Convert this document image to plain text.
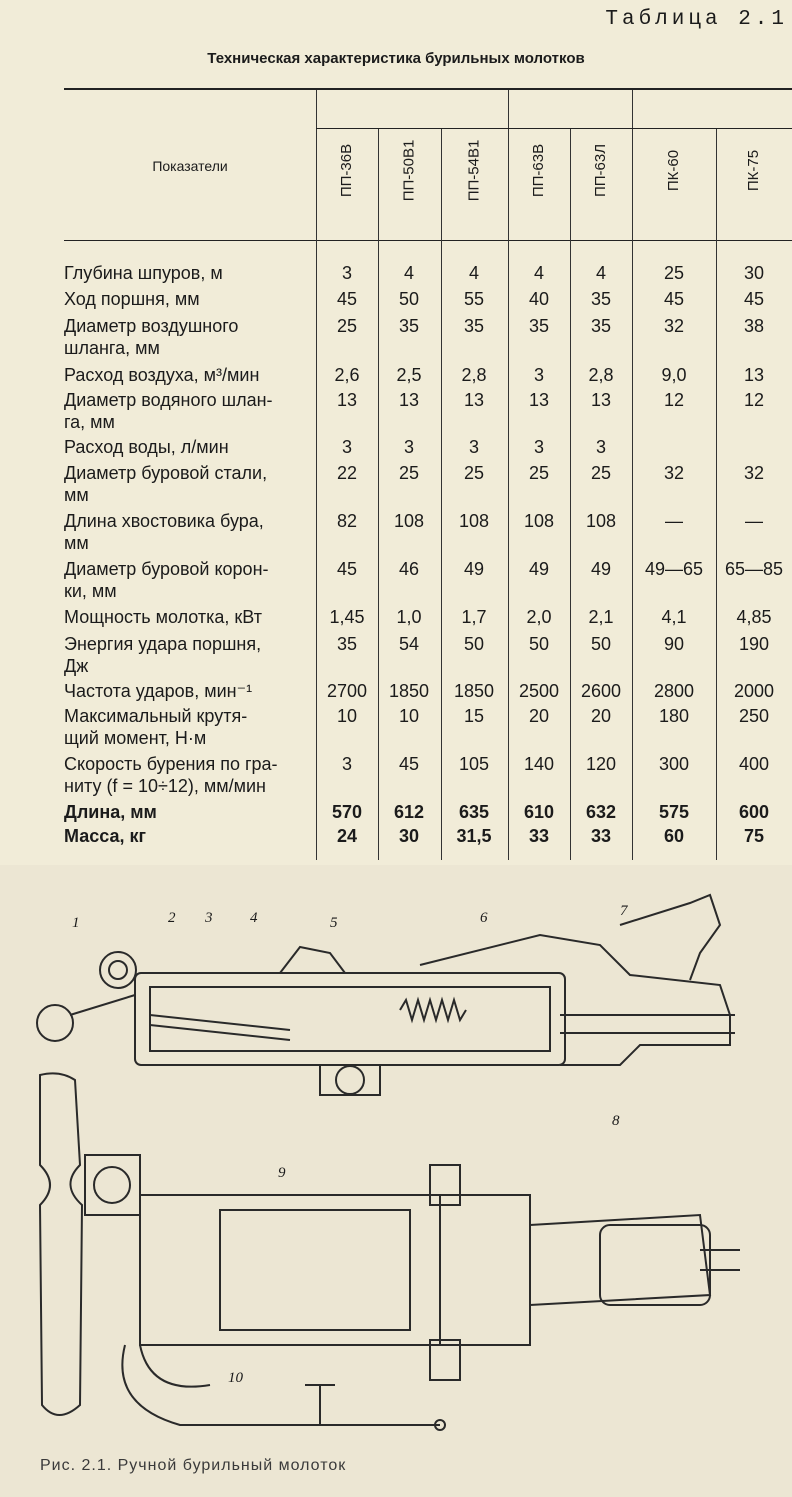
Таблица 2.1
Техническая характеристика бурильных молотков
Показатели	ПП-36В	ПП-50В1	ПП-54В1	ПП-63В	ПП-63Л	ПК-60	ПК-75
Глубина шпуров, м	3	4	4	4	4	25	30
Ход поршня, мм	45	50	55	40	35	45	45
Диаметр воздушного
шланга, мм
25	35	35	35	35	32	38
Расход воздуха, м³/мин	2,6	2,5	2,8	3	2,8	9,0	13
Диаметр водяного шлан-
га, мм
13	13	13	13	13	12	12
Расход воды, л/мин	3	3	3	3	3
Диаметр буровой стали,
мм
22	25	25	25	25	32	32
Длина хвостовика бура,
мм
82	108	108	108	108	—	—
Диаметр буровой корон-
ки, мм
45	46	49	49	49	49—65	65—85
Мощность молотка, кВт	1,45	1,0	1,7	2,0	2,1	4,1	4,85
Энергия удара поршня,
Дж
35	54	50	50	50	90	190
Частота ударов, мин⁻¹	2700	1850	1850	2500	2600	2800	2000
Максимальный крутя-
щий момент, Н·м
10	10	15	20	20	180	250
Скорость бурения по гра-
ниту (f = 10÷12), мм/мин
3	45	105	140	120	300	400
Длина, мм	570	612	635	610	632	575	600
Масса, кг	24	30	31,5	33	33	60	75
1	2 3	4	5	6	7
8
9
10
Рис. 2.1. Ручной бурильный молоток
